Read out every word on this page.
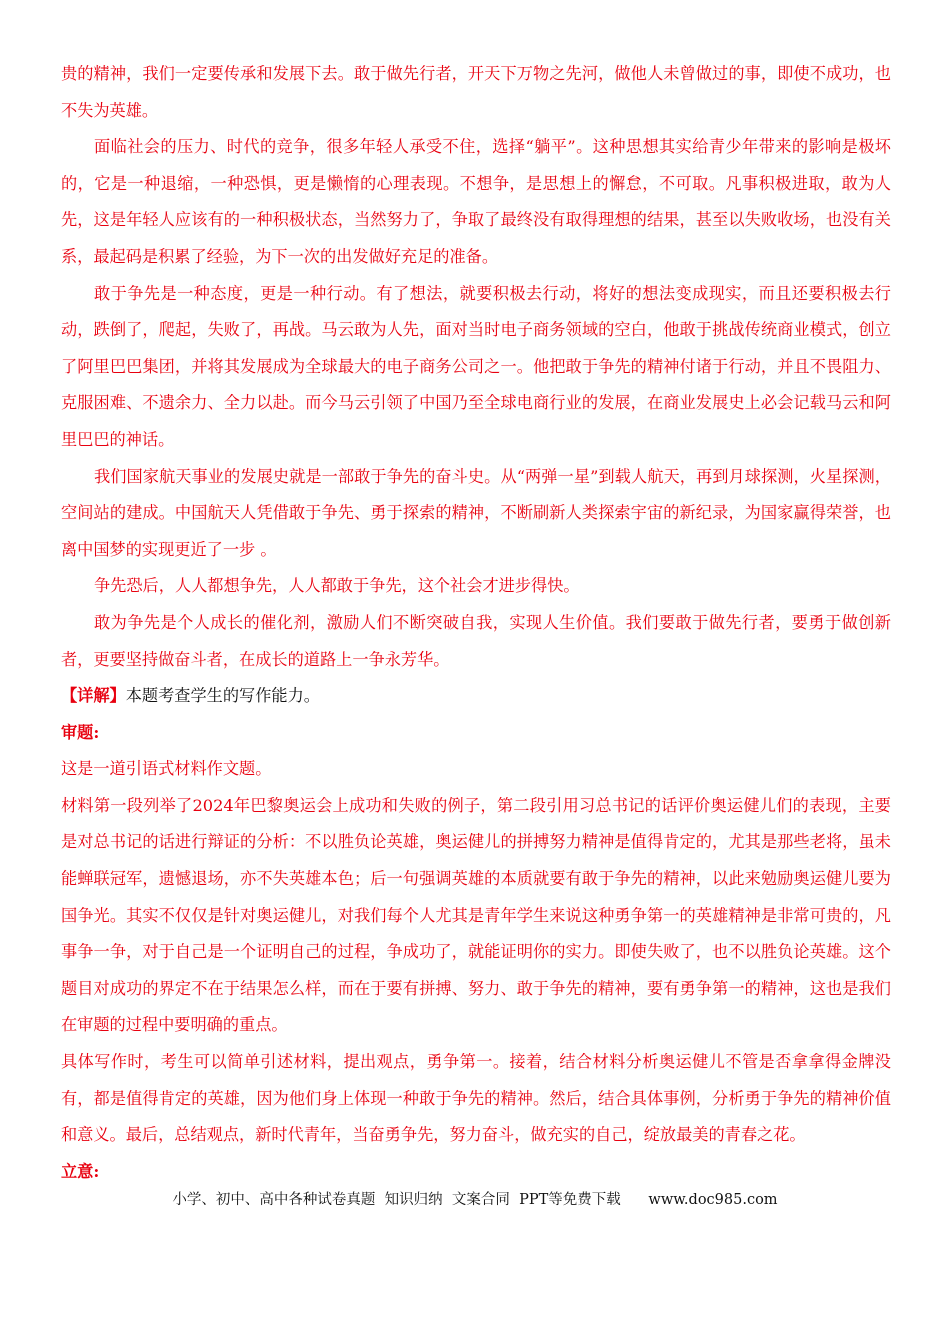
贵的精神，我们一定要传承和发展下去。敢于做先行者，开天下万物之先河，做他人未曾做过的事，即使不成功，也不失为英雄。

面临社会的压力、时代的竞争，很多年轻人承受不住，选择“躺平”。这种思想其实给青少年带来的影响是极坏的，它是一种退缩，一种恐惧，更是懒惰的心理表现。不想争，是思想上的懈怠，不可取。凡事积极进取，敢为人先，这是年轻人应该有的一种积极状态，当然努力了，争取了最终没有取得理想的结果，甚至以失败收场，也没有关系，最起码是积累了经验，为下一次的出发做好充足的准备。

敢于争先是一种态度，更是一种行动。有了想法，就要积极去行动，将好的想法变成现实，而且还要积极去行动，跌倒了，爬起，失败了，再战。马云敢为人先，面对当时电子商务领域的空白，他敢于挑战传统商业模式，创立了阿里巴巴集团，并将其发展成为全球最大的电子商务公司之一。他把敢于争先的精神付诸于行动，并且不畏阻力、克服困难、不遗余力、全力以赴。而今马云引领了中国乃至全球电商行业的发展，在商业发展史上必会记载马云和阿里巴巴的神话。

我们国家航天事业的发展史就是一部敢于争先的奋斗史。从“两弹一星”到载人航天，再到月球探测，火星探测，空间站的建成。中国航天人凭借敢于争先、勇于探索的精神，不断刷新人类探索宇宙的新纪录，为国家赢得荣誉，也离中国梦的实现更近了一步 。

争先恐后，人人都想争先，人人都敢于争先，这个社会才进步得快。

敢为争先是个人成长的催化剂，激励人们不断突破自我，实现人生价值。我们要敢于做先行者，要勇于做创新者，更要坚持做奋斗者，在成长的道路上一争永芳华。

【详解】本题考查学生的写作能力。

审题:

这是一道引语式材料作文题。

材料第一段列举了2024年巴黎奥运会上成功和失败的例子，第二段引用习总书记的话评价奥运健儿们的表现，主要是对总书记的话进行辩证的分析：不以胜负论英雄，奥运健儿的拼搏努力精神是值得肯定的，尤其是那些老将，虽未能蝉联冠军，遗憾退场，亦不失英雄本色；后一句强调英雄的本质就要有敢于争先的精神，以此来勉励奥运健儿要为国争光。其实不仅仅是针对奥运健儿，对我们每个人尤其是青年学生来说这种勇争第一的英雄精神是非常可贵的，凡事争一争，对于自己是一个证明自己的过程，争成功了，就能证明你的实力。即使失败了，也不以胜负论英雄。这个题目对成功的界定不在于结果怎么样，而在于要有拼搏、努力、敢于争先的精神，要有勇争第一的精神，这也是我们在审题的过程中要明确的重点。

具体写作时，考生可以简单引述材料，提出观点，勇争第一。接着，结合材料分析奥运健儿不管是否拿拿得金牌没有，都是值得肯定的英雄，因为他们身上体现一种敢于争先的精神。然后，结合具体事例，分析勇于争先的精神价值和意义。最后，总结观点，新时代青年，当奋勇争先，努力奋斗，做充实的自己，绽放最美的青春之花。

立意:

小学、初中、高中各种试卷真题  知识归纳  文案合同  PPT等免费下载      www.doc985.com
